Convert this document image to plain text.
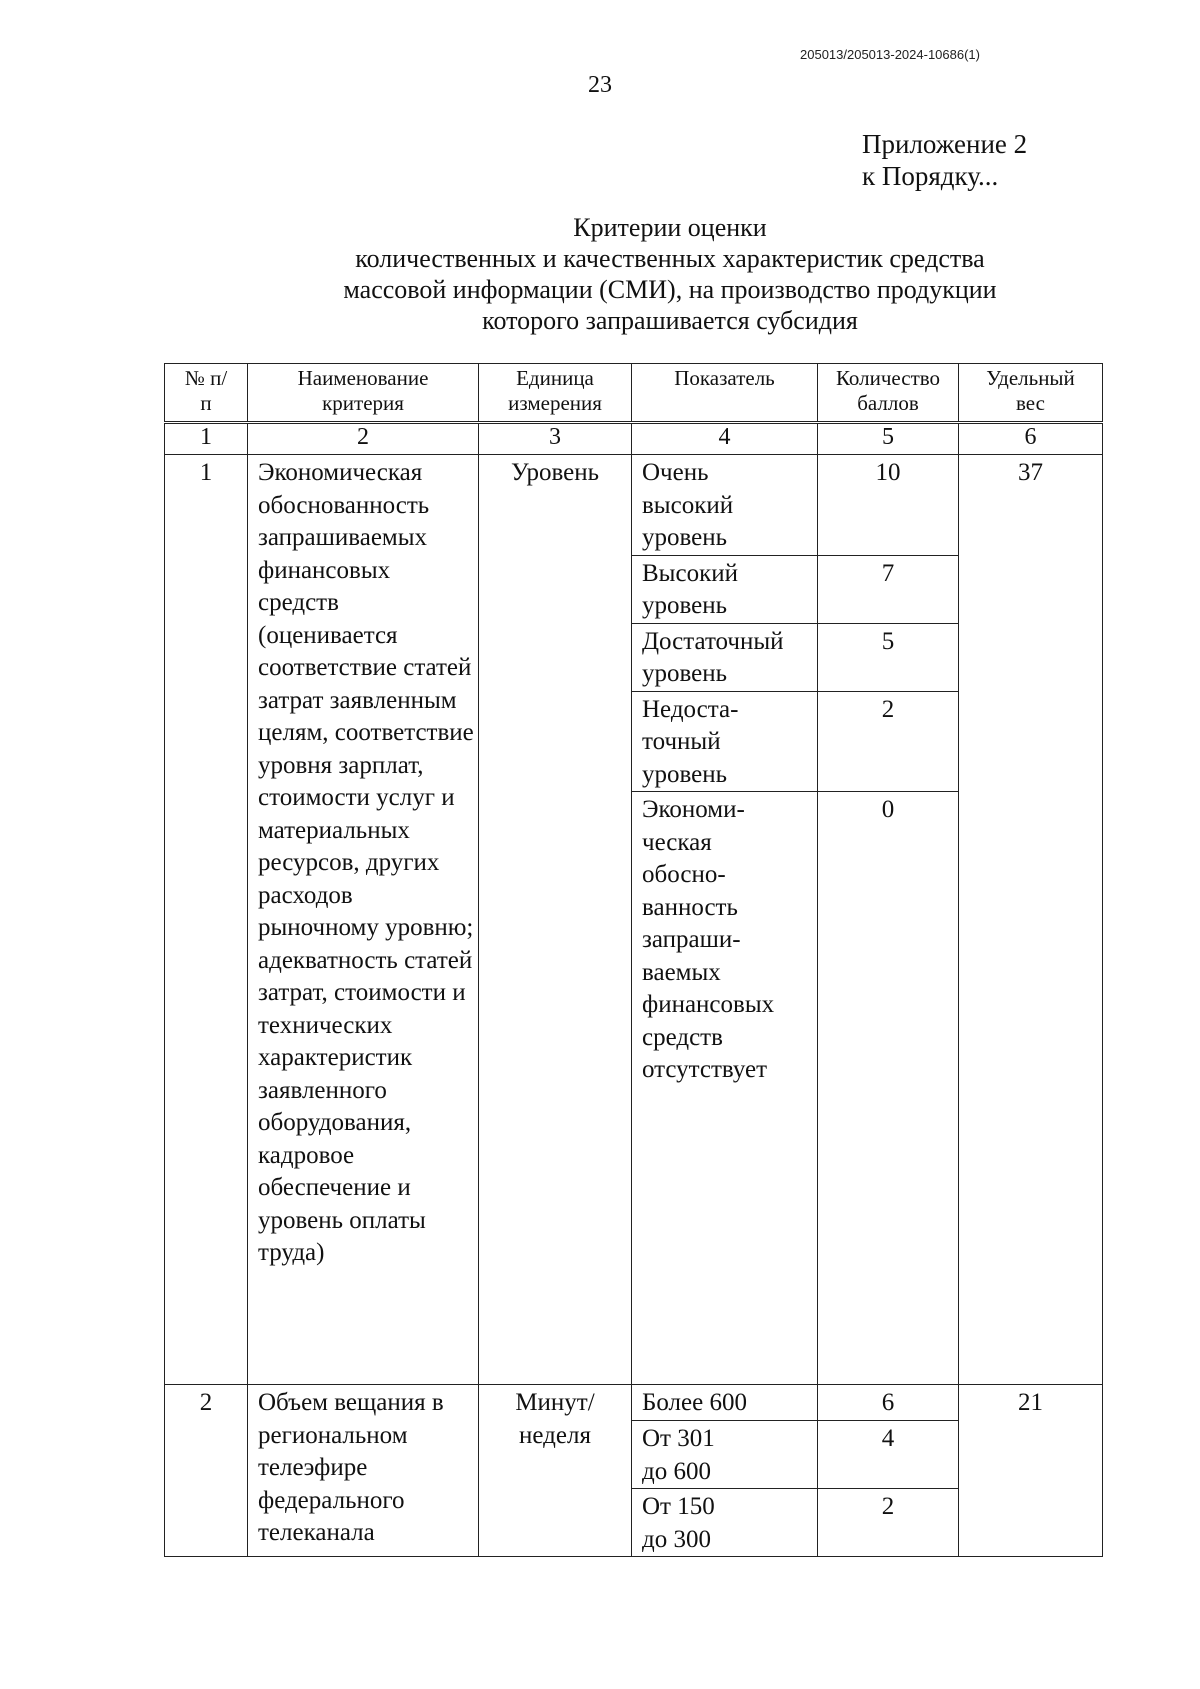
205013/205013-2024-10686(1)
23
Приложение 2
к Порядку...
Критерии оценки
количественных и качественных характеристик средства
массовой информации (СМИ), на производство продукции
которого запрашивается субсидия
№ п/п	Наименование критерия	Единица измерения	Показатель	Количество баллов	Удельный вес
1	2	3	4	5	6
1	Экономическая обоснованность запрашиваемых финансовых средств (оценивается соответствие статей затрат заявленным целям, соответствие уровня зарплат, стоимости услуг и материальных ресурсов, других расходов рыночному уровню; адекватность статей затрат, стоимости и технических характеристик заявленного оборудования, кадровое обеспечение и уровень оплаты труда)	Уровень	Очень высокий уровень	10	37
			Высокий уровень	7	
			Достаточный уровень	5	
			Недоста-точный уровень	2	
			Экономи-ческая обосно-ванность запраши-ваемых финансовых средств отсутствует	0	
2	Объем вещания в региональном телеэфире федерального телеканала	Минут/ неделя	Более 600	6	21
			От 301 до 600	4	
			От 150 до 300	2	
